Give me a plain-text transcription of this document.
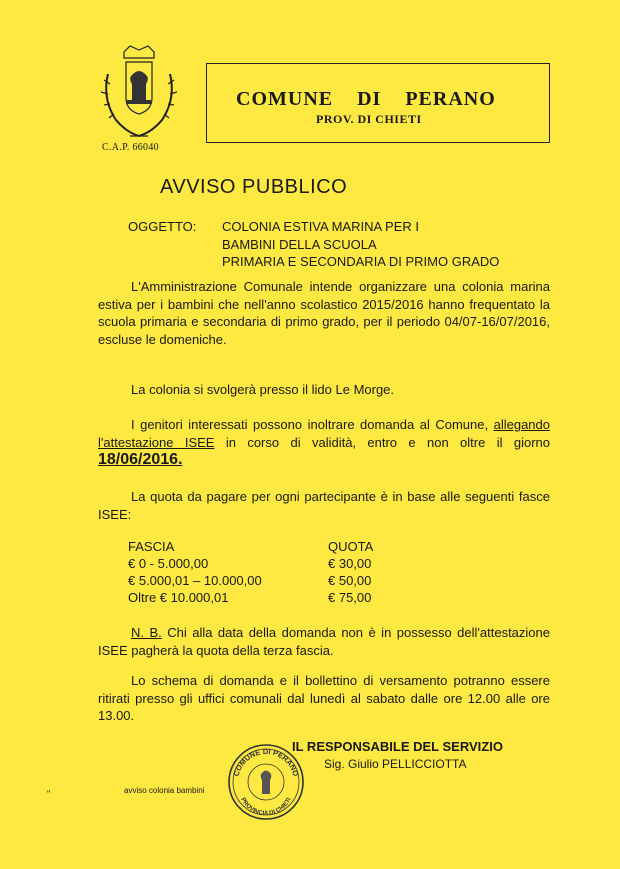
C.A.P. 66040
COMUNE DI PERANO
PROV. DI CHIETI
AVVISO PUBBLICO
OGGETTO: COLONIA ESTIVA MARINA PER I
BAMBINI DELLA SCUOLA
PRIMARIA E SECONDARIA DI PRIMO GRADO
L'Amministrazione Comunale intende organizzare una colonia marina estiva per i bambini che nell'anno scolastico 2015/2016 hanno frequentato la scuola primaria e secondaria di primo grado, per il periodo 04/07-16/07/2016, escluse le domeniche.
La colonia si svolgerà presso il lido Le Morge.
I genitori interessati possono inoltrare domanda al Comune, allegando l'attestazione ISEE in corso di validità, entro e non oltre il giorno 18/06/2016.
La quota da pagare per ogni partecipante è in base alle seguenti fasce ISEE:
FASCIA	QUOTA
€ 0 - 5.000,00	€ 30,00
€ 5.000,01 – 10.000,00	€ 50,00
Oltre € 10.000,01	€ 75,00
N. B. Chi alla data della domanda non è in possesso dell'attestazione ISEE pagherà la quota della terza fascia.
Lo schema di domanda e il bollettino di versamento potranno essere ritirati presso gli uffici comunali dal lunedì al sabato dalle ore 12.00 alle ore 13.00.
IL RESPONSABILE DEL SERVIZIO
Sig. Giulio PELLICCIOTTA
"	avviso colonia bambini
COMUNE DI PERANO
PROVINCIA DI CHIETI
